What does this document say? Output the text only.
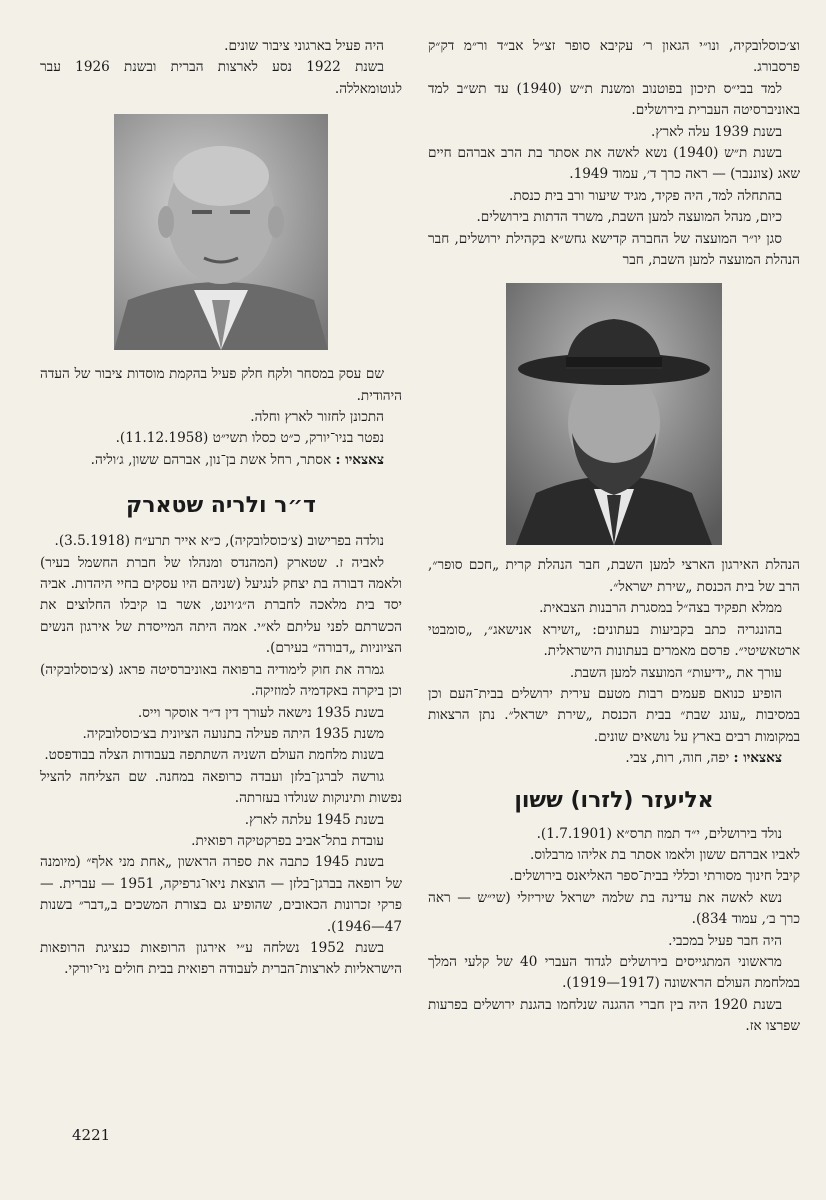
וצ׳כוסלובקיה, ונו״י הגאון ר׳ עקיבא סופר זצ״ל אב״ד ור״מ דק״ק פרסבורג.

למד בבי״ס תיכון בפוטנוב ומשנת ת״ש (1940) עד תש״ב למד באוניברסיטה העברית בירושלים.

בשנת 1939 עלה לארץ.

בשנת ת״ש (1940) נשא לאשה את אסתר בת הרב אברהם חיים שאג (צוננבר) — ראה כרך ד׳, עמוד 1949.

בהתחלה למד, היה פקיד, מגיד שיעור ורב בית כנסת.

כיום, מנהל המועצה למען השבת, משרד הדתות בירושלים.

סגן יו״ר המועצה של החברה קדישא גחש״א בקהילת ירושלים, חבר הנהלת המועצה למען השבת, חבר

הנהלת האירגון הארצי למען השבת, חבר הנהלת קרית „חכם סופר״, הרב של בית הכנסת „שירת ישראל״.

ממלא תפקיד בצה״ל במסגרת הרבנות הצבאית.

בהונגריה כתב בקביעות בעתונים: „זשירא אנישאג״, „סומבטי ארטאשיטי״. פרסם מאמרים בעתונות הישראלית.

עורך את „ידיעות״ המועצה למען השבת.

הופיע כנואם פעמים רבות מטעם עירית ירושלים בבית־העם וכן במסיבות „עונג שבת״ בבית הכנסת „שירת ישראל״. נתן הרצאות במקומות רבים בארץ על נושאים שונים.

צאצאיו : יפה, חוה, רות, צבי.

אליעזר (לזרו) ששון

נולד בירושלים, י״ד תמוז תרס״א (1.7.1901).

לאביו אברהם ששון ולאמו אסתר בת אליהו מרבלוס.

קיבל חינוך מסורתי וכללי בבית־ספר האליאנס בירושלים.

נשא לאשה את עדינה בת שלמה ישראל שיריזלי (שי״ש — ראה כרך ב׳, עמוד 834).

היה חבר פעיל במכבי.

מראשוני המתגייסים בירושלים לגדוד העברי 40 של קלעי המלך במלחמת העולם הראשונה (1917—1919).

בשנת 1920 היה בין חברי ההגנה שנלחמו בהגנת ירושלים בפרעות שפרצו אז.

היה פעיל בארגוני ציבור שונים.

בשנת 1922 נסע לארצות הברית ובשנת 1926 עבר לגוטומאללה.

שם עסק במסחר ולקח חלק פעיל בהקמת מוסדות ציבור של העדה היהודית.

התכונן לחזור לארץ וחלה.

נפטר בניו־יורק, כ״ט כסלו תשי״ט (11.12.1958).

צאצאיו : אסתר, רחל אשת בן־נון, אברהם ששון, ג׳וליה.

ד״ר ולריה שטארק

נולדה בפרישוב (צ׳כוסלובקיה), כ״א אייר תרע״ח (3.5.1918).

לאביה ז. שטארק (המהנדס ומנהלו של חברת החשמל בעיר) ולאמה דבורה בת יצחק לנגיעל (שניהם היו עסקים בחיי היהדות. אביה יסד בית מלאכה לחברת ה״ג׳וינט, אשר בו קיבלו החלוצים את הכשרתם לפני עליתם לא״י. אמה היתה המייסדת של אירגון הנשים הציוניות „דבורה״ בעירם).

גמרה את חוק לימודיה ברפואה באוניברסיטה פראג (צ׳כוסלובקיה) וכן ביקרה באקדמיה למוזיקה.

בשנת 1935 נישאה לעורך דין ד״ר אוסקר וייס.

משנת 1935 היתה פעילה בתנועה הציונית בצ׳כוסלובקיה.

בשנות מלחמת העולם השניה השתתפה בעבודות הצלה בבודפסט.

גורשה לברגן־בלזן ועבדה כרופאה במחנה. שם הצליחה להציל נפשות ותינוקות שנולדו בעזרתה.

בשנת 1945 עלתה לארץ.

עובדת בתל־אביב בפרקטיקה רפואית.

בשנת 1945 כתבה את ספרה הראשון „אחת מני אלף״ (מיומנה של רופאה בברגן־בלזן — הוצאת ניאו־גרפיקה, 1951 — עברית. — פרקי זכרונות הכאובים, שהופיע גם בצורת המשכים ב„דבר״ בשנות 47—1946).

בשנת 1952 נשלחה ע״י אירגון הרופאות כנציגת הרופאות הישראליות לארצות־הברית לעבודה רפואית בבית חולים ניו־יורקי.

4221
